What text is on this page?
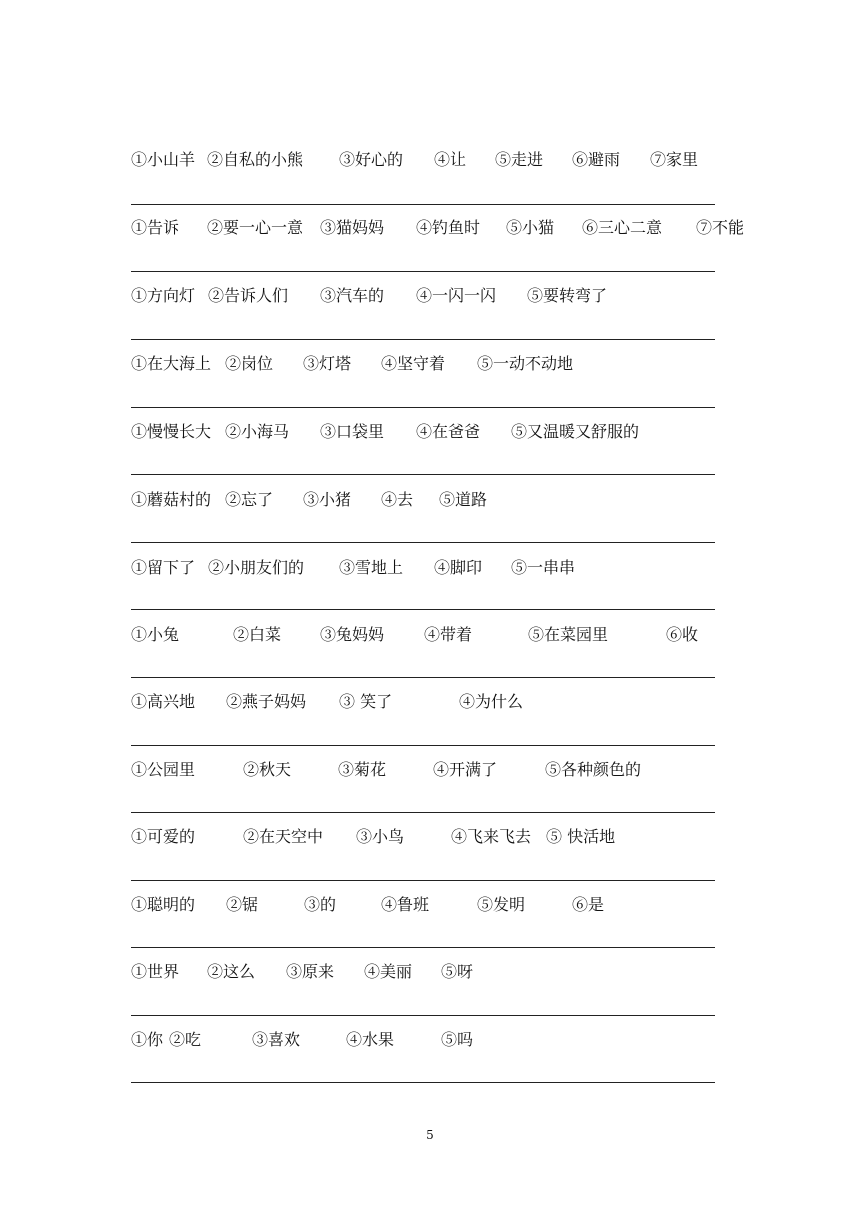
①小山羊 ②自私的小熊 ③好心的 ④让 ⑤走进 ⑥避雨 ⑦家里
①告诉 ②要一心一意 ③猫妈妈 ④钓鱼时 ⑤小猫 ⑥三心二意 ⑦不能
①方向灯 ②告诉人们 ③汽车的 ④一闪一闪 ⑤要转弯了
①在大海上 ②岗位 ③灯塔 ④坚守着 ⑤一动不动地
①慢慢长大 ②小海马 ③口袋里 ④在爸爸 ⑤又温暖又舒服的
①蘑菇村的 ②忘了 ③小猪 ④去 ⑤道路
①留下了 ②小朋友们的 ③雪地上 ④脚印 ⑤一串串
①小兔	②白菜 ③兔妈妈 ④带着	⑤在菜园里	⑥收
①高兴地 ②燕子妈妈 ③ 笑了	④为什么
①公园里	②秋天	③菊花	④开满了	⑤各种颜色的
①可爱的	②在天空中 ③小鸟	④飞来飞去 ⑤ 快活地
①聪明的 ②锯	③的	④鲁班	⑤发明	⑥是
①世界 ②这么 ③原来 ④美丽 ⑤呀
①你 ②吃	③喜欢	④水果	⑤吗
5
